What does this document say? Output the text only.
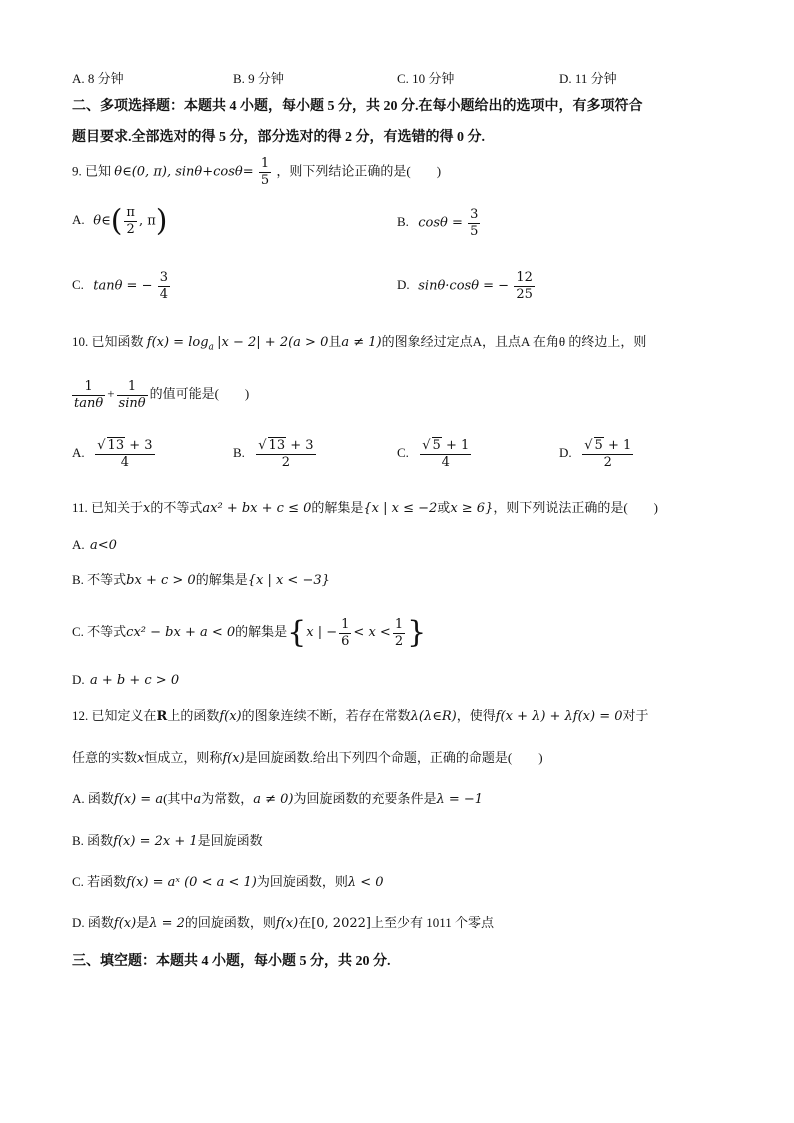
A. 8 分钟	B. 9 分钟	C. 10 分钟	D. 11 分钟
二、多项选择题：本题共 4 小题，每小题 5 分，共 20 分.在每小题给出的选项中，有多项符合
题目要求.全部选对的得 5 分，部分选对的得 2 分，有选错的得 0 分.
9. 已知 θ∈(0, π), $\sin\theta+\cos\theta= \frac{1}{5}$ ，则下列结论正确的是(　　)
A. θ∈( $\frac{\pi}{2}$ , π)	B. $\cos\theta = \frac{3}{5}$
C. tanθ = − $\frac{3}{4}$	D. sinθ·cosθ = − $\frac{12}{25}$
10. 已知函数 $f(x) = \log_a |x - 2| + 2(a > 0$且a ≠ 1)的图象经过定点A，且点A 在角θ 的终边上，则
$\frac{1}{\tan\theta} + \frac{1}{\sin\theta}$ 的值可能是(　　)
A. $\frac{√ 13 + 3}{4}$	B. $\frac{√ 13 + 3}{2}$	C. $\frac{√ 5 + 1}{4}$	D. $\frac{√ 5 + 1}{2}$
11. 已知关于x的不等式ax² + bx + c ≤ 0的解集是{x | x ≤ −2或x ≥ 6}，则下列说法正确的是(　　)
A. a<0
B. 不等式bx + c > 0的解集是{x | x < −3}
C. 不等式cx² − bx + a < 0的解集是{x | − $\frac{1}{6} < x < \frac{1}{2}$ }
D. a + b + c > 0
12. 已知定义在R上的函数f(x)的图象连续不断，若存在常数λ(λ∈R)，使得f(x + λ) + λf(x) = 0对于
任意的实数x恒成立，则称f(x)是回旋函数.给出下列四个命题，正确的命题是(　　)
A. 函数f(x) = a(其中a为常数，a ≠ 0)为回旋函数的充要条件是λ = −1
B. 函数f(x) = 2x + 1是回旋函数
C. 若函数f(x) = aˣ (0 < a < 1)为回旋函数，则λ < 0
D. 函数f(x)是λ = 2的回旋函数，则f(x)在[0, 2022]上至少有 1011 个零点
三、填空题：本题共 4 小题，每小题 5 分，共 20 分.
